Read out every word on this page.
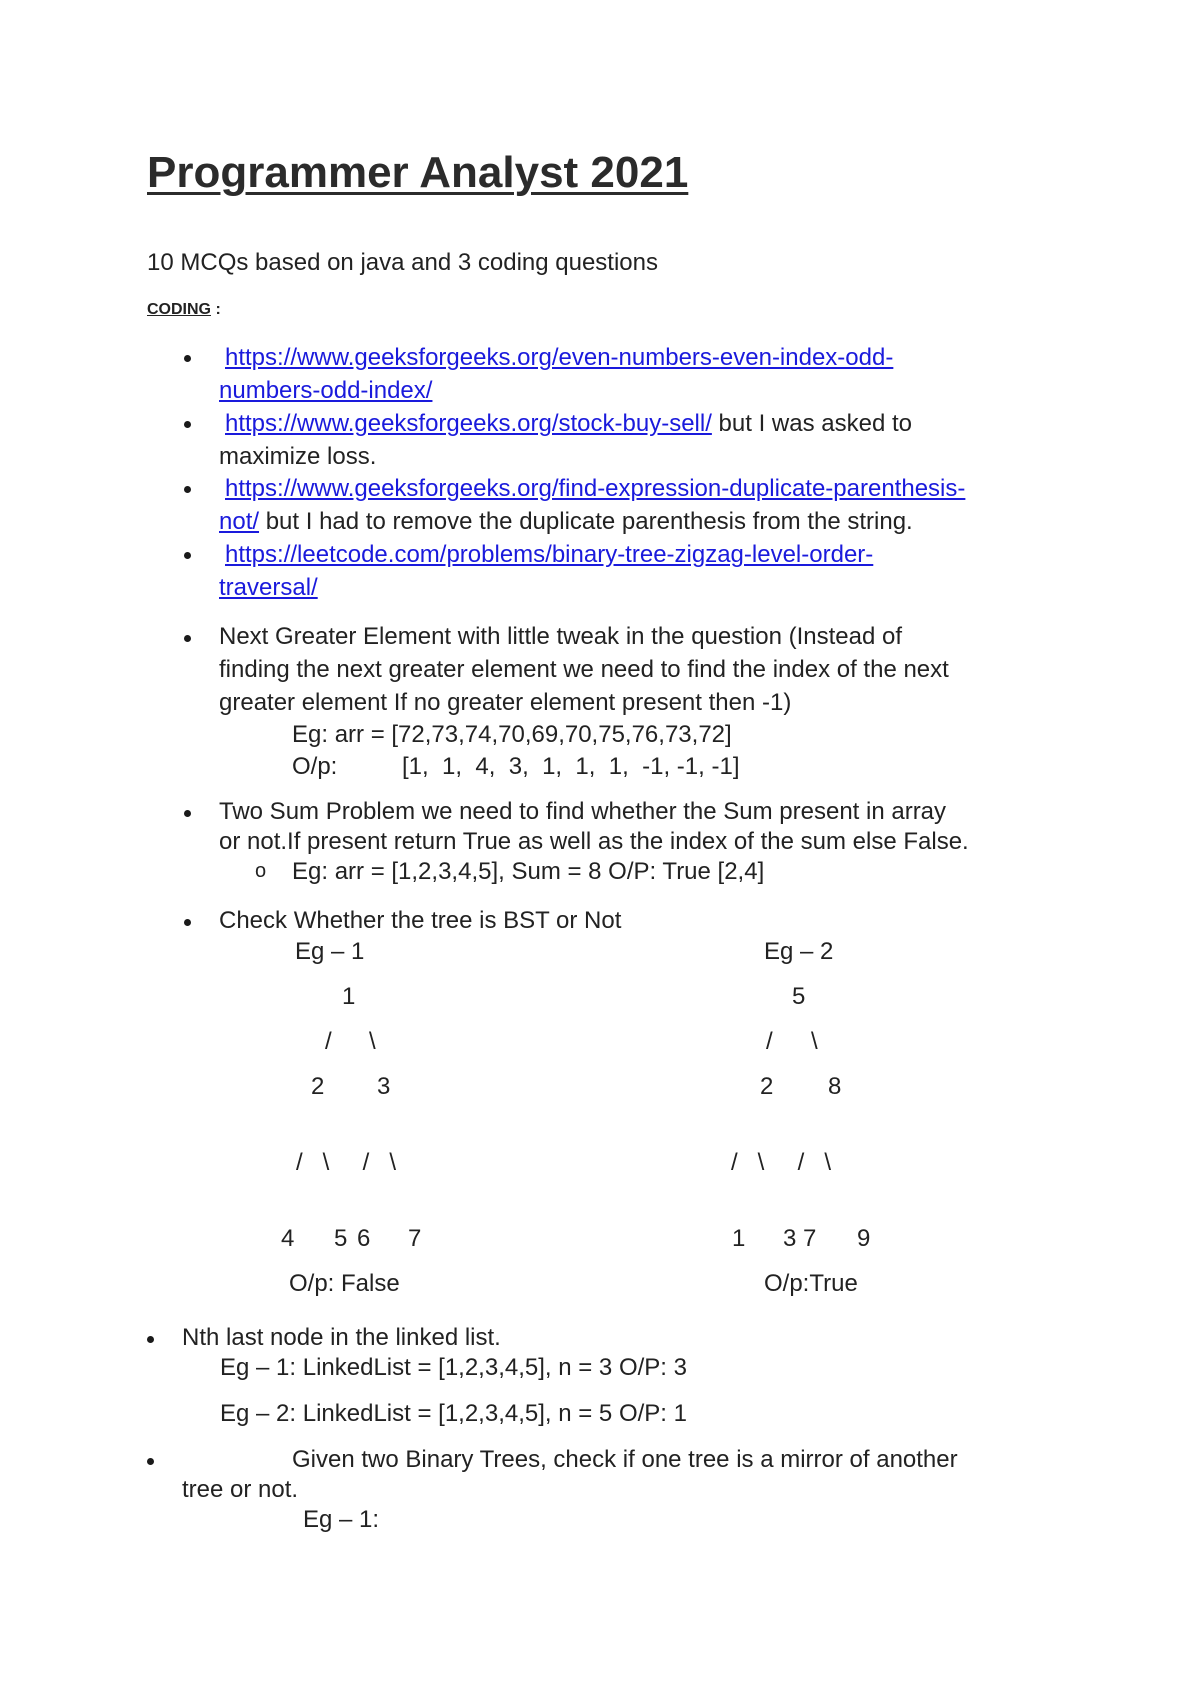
Programmer Analyst 2021
10 MCQs based on java and 3 coding questions
CODING :
https://www.geeksforgeeks.org/even-numbers-even-index-odd-
numbers-odd-index/
https://www.geeksforgeeks.org/stock-buy-sell/ but I was asked to
maximize loss.
https://www.geeksforgeeks.org/find-expression-duplicate-parenthesis-
not/ but I had to remove the duplicate parenthesis from the string.
https://leetcode.com/problems/binary-tree-zigzag-level-order-
traversal/
Next Greater Element with little tweak in the question (Instead of
finding the next greater element we need to find the index of the next
greater element If no greater element present then -1)
Eg: arr = [72,73,74,70,69,70,75,76,73,72]
O/p:	[1,  1,  4,  3,  1,  1,  1,  -1, -1, -1]
Two Sum Problem we need to find whether the Sum present in array
or not.If present return True as well as the index of the sum else False.
o Eg: arr = [1,2,3,4,5], Sum = 8 O/P: True [2,4]
Check Whether the tree is BST or Not
Eg – 1
1
/ \
2 3
/   \     /   \
4 5 6 7
O/p: False
Eg – 2
5
/ \
2 8
/   \     /   \
1 3 7 9
O/p:True
Nth last node in the linked list.
Eg – 1: LinkedList = [1,2,3,4,5], n = 3 O/P: 3
Eg – 2: LinkedList = [1,2,3,4,5], n = 5 O/P: 1
Given two Binary Trees, check if one tree is a mirror of another
tree or not.
Eg – 1:
